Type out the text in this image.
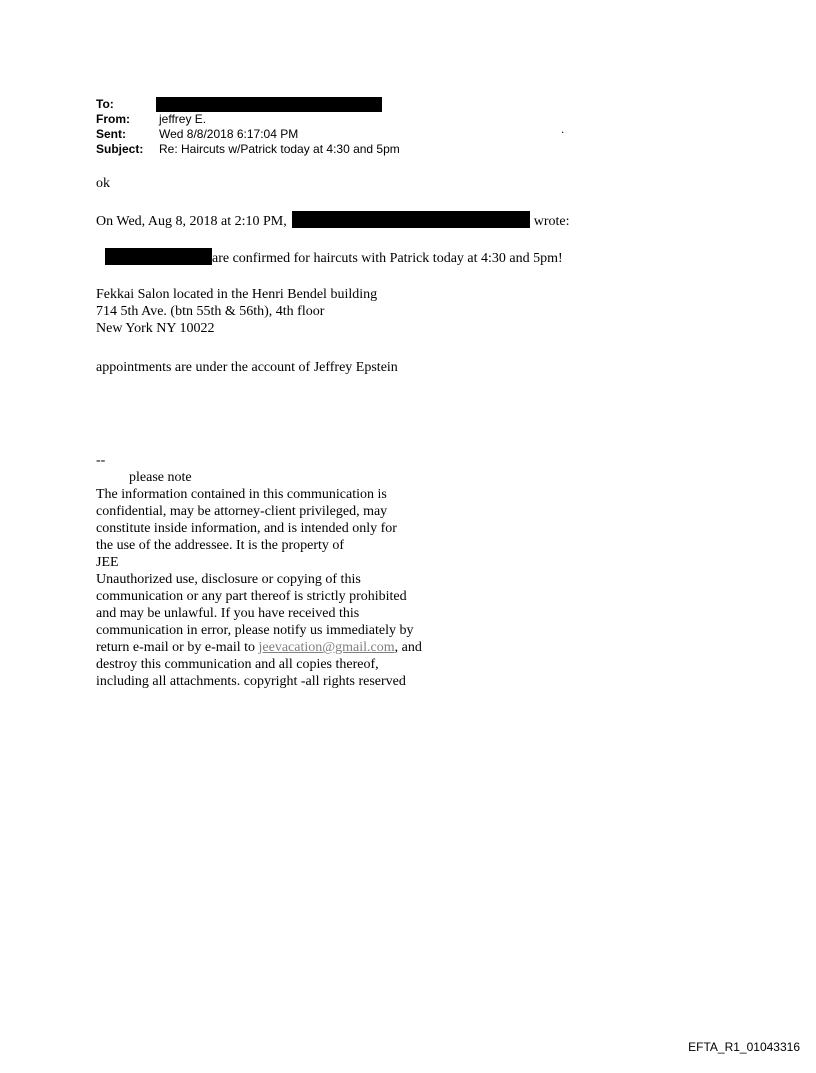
To:
From:	jeffrey E.
Sent:	Wed 8/8/2018 6:17:04 PM
Subject:	Re: Haircuts w/Patrick today at 4:30 and 5pm
.
ok
On Wed, Aug 8, 2018 at 2:10 PM,	wrote:
are confirmed for haircuts with Patrick today at 4:30 and 5pm!
Fekkai Salon located in the Henri Bendel building
714 5th Ave. (btn 55th & 56th), 4th floor
New York NY 10022
appointments are under the account of Jeffrey Epstein
--
please note
The information contained in this communication is
confidential, may be attorney-client privileged, may
constitute inside information, and is intended only for
the use of the addressee. It is the property of
JEE
Unauthorized use, disclosure or copying of this
communication or any part thereof is strictly prohibited
and may be unlawful. If you have received this
communication in error, please notify us immediately by
return e-mail or by e-mail to jeevacation@gmail.com, and
destroy this communication and all copies thereof,
including all attachments. copyright -all rights reserved
EFTA_R1_01043316
